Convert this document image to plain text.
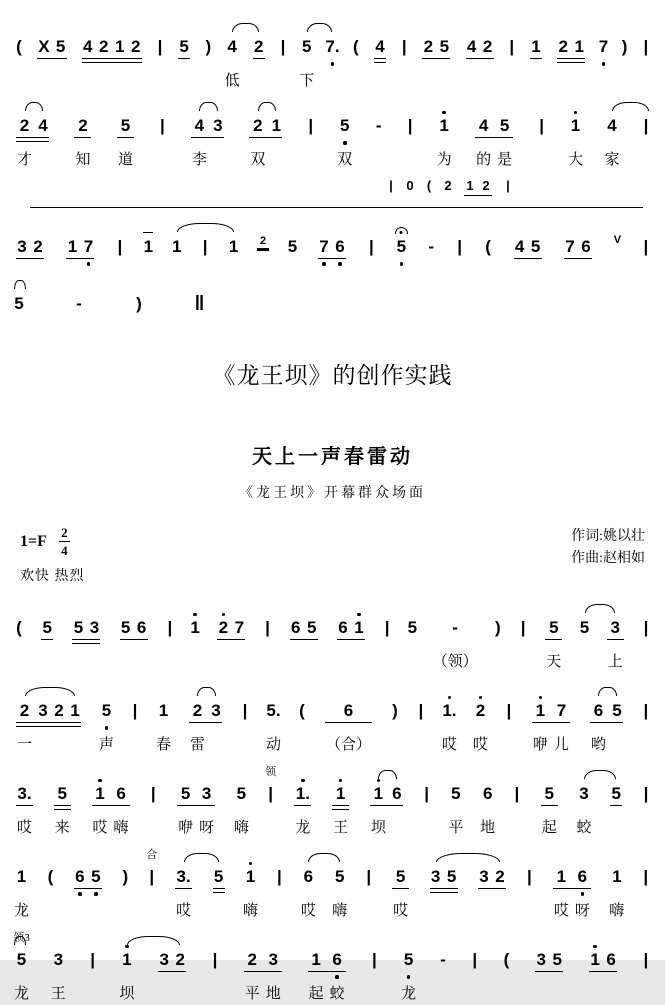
( X 5 4 2 1 2 | 5 ) 4
低
2 | 5
下
7. ( 4 | 2 5 4 2 | 1 2 1 7 ) |
2
才
4 2
知
5
道
| 4
李
3 2
双
1 | 5
双
- | 1
为
4
的
5
是
| 1
大
4
家
|
| 0 ( 2 1 2 |
3 2 1 7 | 1 1 | 1 2 5 7 6 | 5 - | ( 4 5 7 6 V |
5	-	)	‖
《龙王坝》的创作实践
天上一声春雷动
《龙王坝》开幕群众场面
$1=F \frac{2}{4}$
欢快 热烈
作词:姚以壮
作曲:赵相如
( 5 5 3 5 6 | 1 2 7 | 6 5 6 1 | 5 -
（领）
) | 5
天
5 3
上
|
2
一
3 2 1 5
声
| 1
春
2
雷
3 | 5.
动
( 6
（合）
) | 1.
哎
2
哎
| 1
咿
7
儿
6
哟
5 |
3.
哎
5
来
1
哎
6
嗨
| 5
咿
3
呀
5
嗨
领
| 1.
龙
1
王
1
坝
6 | 5
平
6
地
| 5
起
3
蛟
5 |
1
龙
( 6 5 )
合
| 3.
哎
5 1
嗨
| 6
哎
5
嗨
| 5
哎
3 5 3 2 | 1
哎
6
呀
1
嗨
|
领3
5
龙
3
王
| 1
坝
3 2 | 2
平
3
地
1
起
6
蛟
| 5
龙
- | ( 3 5 1 6 |
